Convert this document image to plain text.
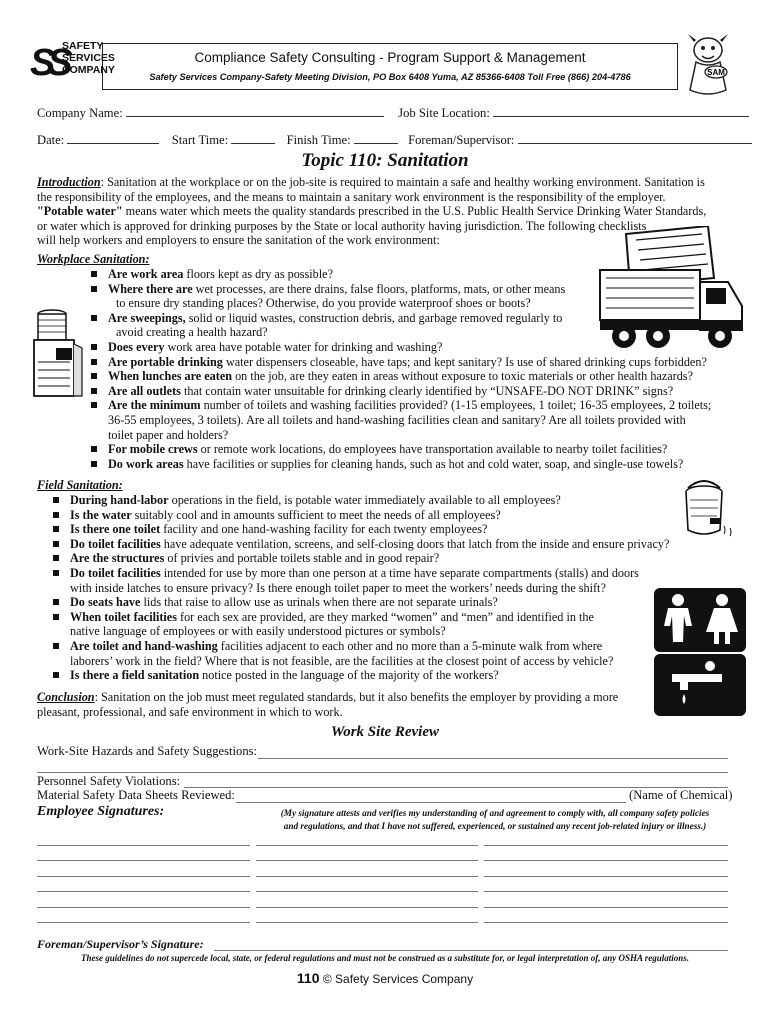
SS
SAFETY
SERVICES
COMPANY
Compliance Safety Consulting - Program Support & Management
Safety Services Company-Safety Meeting Division, PO Box 6408 Yuma, AZ 85366-6408 Toll Free (866) 204-4786	SAM
Company Name:	Job Site Location:
Date:	Start Time:	Finish Time:	Foreman/Supervisor:
Topic 110: Sanitation
Introduction: Sanitation at the workplace or on the job-site is required to maintain a safe and healthy working environment. Sanitation is
the responsibility of the employees, and the means to maintain a sanitary work environment is the responsibility of the employer.
"Potable water" means water which meets the quality standards prescribed in the U.S. Public Health Service Drinking Water Standards,
or water which is approved for drinking purposes by the State or local authority having jurisdiction. The following checklists
will help workers and employers to ensure the sanitation of the work environment:
Workplace Sanitation:
Are work area floors kept as dry as possible?
Where there are wet processes, are there drains, false floors, platforms, mats, or other means
to ensure dry standing places? Otherwise, do you provide waterproof shoes or boots?
Are sweepings, solid or liquid wastes, construction debris, and garbage removed regularly to
avoid creating a health hazard?
Does every work area have potable water for drinking and washing?
Are portable drinking water dispensers closeable, have taps; and kept sanitary? Is use of shared drinking cups forbidden?
When lunches are eaten on the job, are they eaten in areas without exposure to toxic materials or other health hazards?
Are all outlets that contain water unsuitable for drinking clearly identified by “UNSAFE-DO NOT DRINK” signs?
Are the minimum number of toilets and washing facilities provided? (1-15 employees, 1 toilet; 16-35 employees, 2 toilets;
36-55 employees, 3 toilets). Are all toilets and hand-washing facilities clean and sanitary? Are all toilets provided with
toilet paper and holders?
For mobile crews or remote work locations, do employees have transportation available to nearby toilet facilities?
Do work areas have facilities or supplies for cleaning hands, such as hot and cold water, soap, and single-use towels?
Field Sanitation:
During hand-labor operations in the field, is potable water immediately available to all employees?
Is the water suitably cool and in amounts sufficient to meet the needs of all employees?
Is there one toilet facility and one hand-washing facility for each twenty employees?
Do toilet facilities have adequate ventilation, screens, and self-closing doors that latch from the inside and ensure privacy?
Are the structures of privies and portable toilets stable and in good repair?
Do toilet facilities intended for use by more than one person at a time have separate compartments (stalls) and doors
with inside latches to ensure privacy? Is there enough toilet paper to meet the workers’ needs during the shift?
Do seats have lids that raise to allow use as urinals when there are not separate urinals?
When toilet facilities for each sex are provided, are they marked “women” and “men” and identified in the
native language of employees or with easily understood pictures or symbols?
Are toilet and hand-washing facilities adjacent to each other and no more than a 5-minute walk from where
laborers’ work in the field? Where that is not feasible, are the facilities at the closest point of access by vehicle?
Is there a field sanitation notice posted in the language of the majority of the workers?
Conclusion: Sanitation on the job must meet regulated standards, but it also benefits the employer by providing a more
pleasant, professional, and safe environment in which to work.
Work Site Review
Work-Site Hazards and Safety Suggestions:
Personnel Safety Violations:
Material Safety Data Sheets Reviewed:	(Name of Chemical)
Employee Signatures:	(My signature attests and verifies my understanding of and agreement to comply with, all company safety policies
and regulations, and that I have not suffered, experienced, or sustained any recent job-related injury or illness.)
Foreman/Supervisor’s Signature:
These guidelines do not supercede local, state, or federal regulations and must not be construed as a substitute for, or legal interpretation of, any OSHA regulations.
110 © Safety Services Company
